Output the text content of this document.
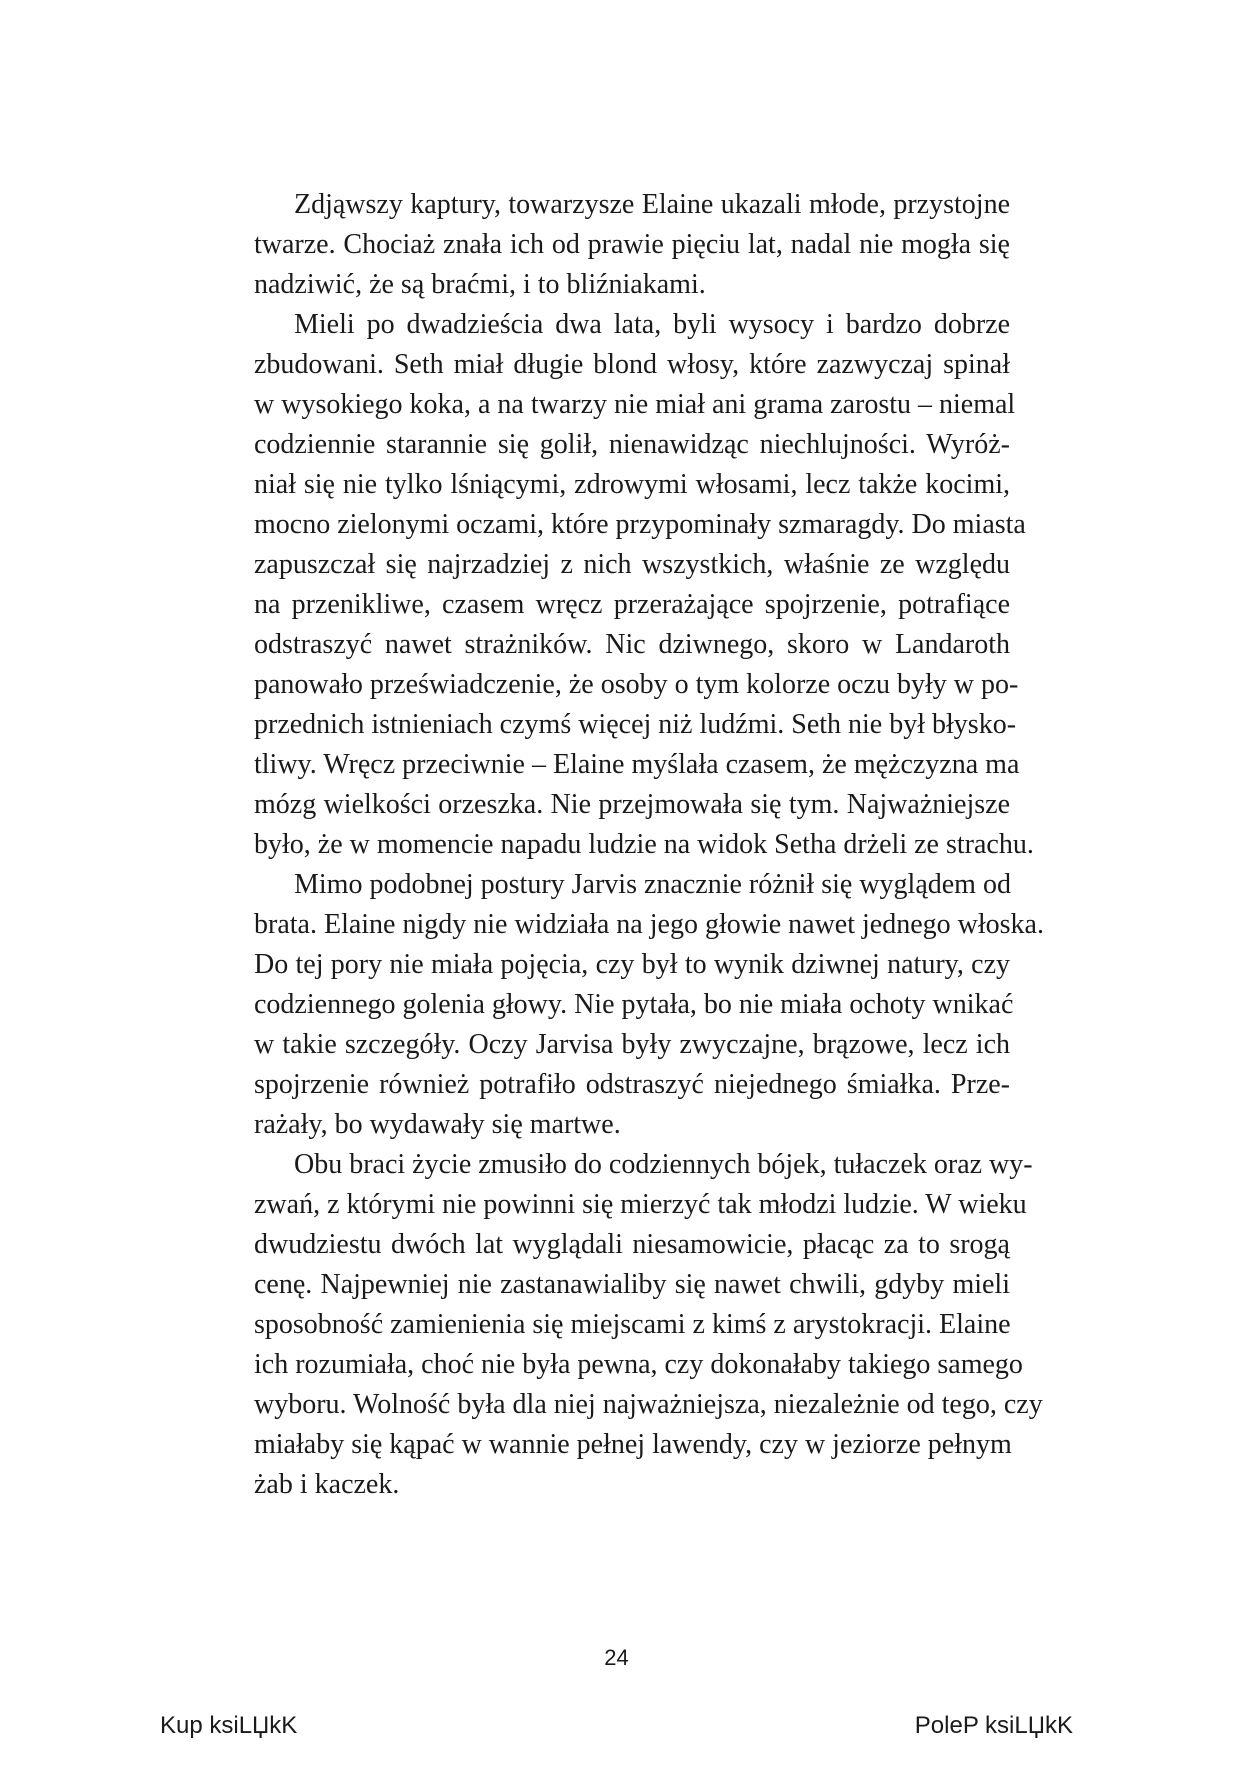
Zdjąwszy kaptury, towarzysze Elaine ukazali młode, przystojne
twarze. Chociaż znała ich od prawie pięciu lat, nadal nie mogła się
nadziwić, że są braćmi, i to bliźniakami.

Mieli po dwadzieścia dwa lata, byli wysocy i bardzo dobrze
zbudowani. Seth miał długie blond włosy, które zazwyczaj spinał
w wysokiego koka, a na twarzy nie miał ani grama zarostu – niemal
codziennie starannie się golił, nienawidząc niechlujności. Wyróż-
niał się nie tylko lśniącymi, zdrowymi włosami, lecz także kocimi,
mocno zielonymi oczami, które przypominały szmaragdy. Do miasta
zapuszczał się najrzadziej z nich wszystkich, właśnie ze względu
na przenikliwe, czasem wręcz przerażające spojrzenie, potrafiące
odstraszyć nawet strażników. Nic dziwnego, skoro w Landaroth
panowało przeświadczenie, że osoby o tym kolorze oczu były w po-
przednich istnieniach czymś więcej niż ludźmi. Seth nie był błysko-
tliwy. Wręcz przeciwnie – Elaine myślała czasem, że mężczyzna ma
mózg wielkości orzeszka. Nie przejmowała się tym. Najważniejsze
było, że w momencie napadu ludzie na widok Setha drżeli ze strachu.

Mimo podobnej postury Jarvis znacznie różnił się wyglądem od
brata. Elaine nigdy nie widziała na jego głowie nawet jednego włoska.
Do tej pory nie miała pojęcia, czy był to wynik dziwnej natury, czy
codziennego golenia głowy. Nie pytała, bo nie miała ochoty wnikać
w takie szczegóły. Oczy Jarvisa były zwyczajne, brązowe, lecz ich
spojrzenie również potrafiło odstraszyć niejednego śmiałka. Prze-
rażały, bo wydawały się martwe.

Obu braci życie zmusiło do codziennych bójek, tułaczek oraz wy-
zwań, z którymi nie powinni się mierzyć tak młodzi ludzie. W wieku
dwudziestu dwóch lat wyglądali niesamowicie, płacąc za to srogą
cenę. Najpewniej nie zastanawialiby się nawet chwili, gdyby mieli
sposobność zamienienia się miejscami z kimś z arystokracji. Elaine
ich rozumiała, choć nie była pewna, czy dokonałaby takiego samego
wyboru. Wolność była dla niej najważniejsza, niezależnie od tego, czy
miałaby się kąpać w wannie pełnej lawendy, czy w jeziorze pełnym
żab i kaczek.

24
Kup ksiLЏkK	PoleP ksiLЏkK
